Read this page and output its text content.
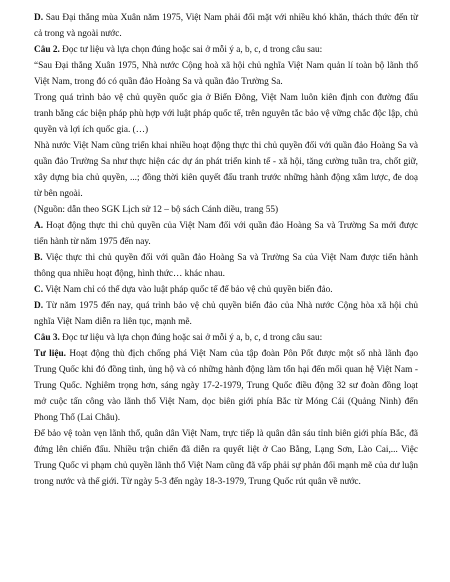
D. Sau Đại thắng mùa Xuân năm 1975, Việt Nam phải đối mặt với nhiều khó khăn, thách thức đến từ cả trong và ngoài nước.

Câu 2. Đọc tư liệu và lựa chọn đúng hoặc sai ở mỗi ý a, b, c, d trong câu sau:

“Sau Đại thắng Xuân 1975, Nhà nước Cộng hoà xã hội chủ nghĩa Việt Nam quản lí toàn bộ lãnh thổ Việt Nam, trong đó có quần đảo Hoàng Sa và quần đảo Trường Sa.

Trong quá trình bảo vệ chủ quyền quốc gia ở Biển Đông, Việt Nam luôn kiên định con đường đấu tranh bằng các biện pháp phù hợp với luật pháp quốc tế, trên nguyên tắc bảo vệ vững chắc độc lập, chủ quyền và lợi ích quốc gia. (…)

Nhà nước Việt Nam cũng triển khai nhiều hoạt động thực thi chủ quyền đối với quần đảo Hoàng Sa và quần đảo Trường Sa như thực hiện các dự án phát triển kinh tế - xã hội, tăng cường tuần tra, chốt giữ, xây dựng bia chủ quyền, ...; đồng thời kiên quyết đấu tranh trước những hành động xâm lược, đe doạ từ bên ngoài.

(Nguồn: dẫn theo SGK Lịch sử 12 – bộ sách Cánh diều, trang 55)

A. Hoạt động thực thi chủ quyền của Việt Nam đối với quần đảo Hoàng Sa và Trường Sa mới được tiến hành từ năm 1975 đến nay.

B. Việc thực thi chủ quyền đối với quần đảo Hoàng Sa và Trường Sa của Việt Nam được tiến hành thông qua nhiều hoạt động, hình thức… khác nhau.

C. Việt Nam chỉ có thể dựa vào luật pháp quốc tế để bảo vệ chủ quyền biển đảo.

D. Từ năm 1975 đến nay, quá trình bảo vệ chủ quyền biển đảo của Nhà nước Cộng hòa xã hội chủ nghĩa Việt Nam diễn ra liên tục, mạnh mẽ.

Câu 3. Đọc tư liệu và lựa chọn đúng hoặc sai ở mỗi ý a, b, c, d trong câu sau:

Tư liệu. Hoạt động thù địch chống phá Việt Nam của tập đoàn Pôn Pốt được một số nhà lãnh đạo Trung Quốc khi đó đồng tình, ủng hộ và có những hành động làm tổn hại đến mối quan hệ Việt Nam - Trung Quốc. Nghiêm trọng hơn, sáng ngày 17-2-1979, Trung Quốc điều động 32 sư đoàn đồng loạt mở cuộc tấn công vào lãnh thổ Việt Nam, dọc biên giới phía Bắc từ Móng Cái (Quảng Ninh) đến Phong Thổ (Lai Châu).

Để bảo vệ toàn vẹn lãnh thổ, quân dân Việt Nam, trực tiếp là quân dân sáu tỉnh biên giới phía Bắc, đã đứng lên chiến đấu. Nhiều trận chiến đã diễn ra quyết liệt ở Cao Bằng, Lạng Sơn, Lào Cai,... Việc Trung Quốc vi phạm chủ quyền lãnh thổ Việt Nam cũng đã vấp phải sự phản đối mạnh mẽ của dư luận trong nước và thế giới. Từ ngày 5-3 đến ngày 18-3-1979, Trung Quốc rút quân về nước.
